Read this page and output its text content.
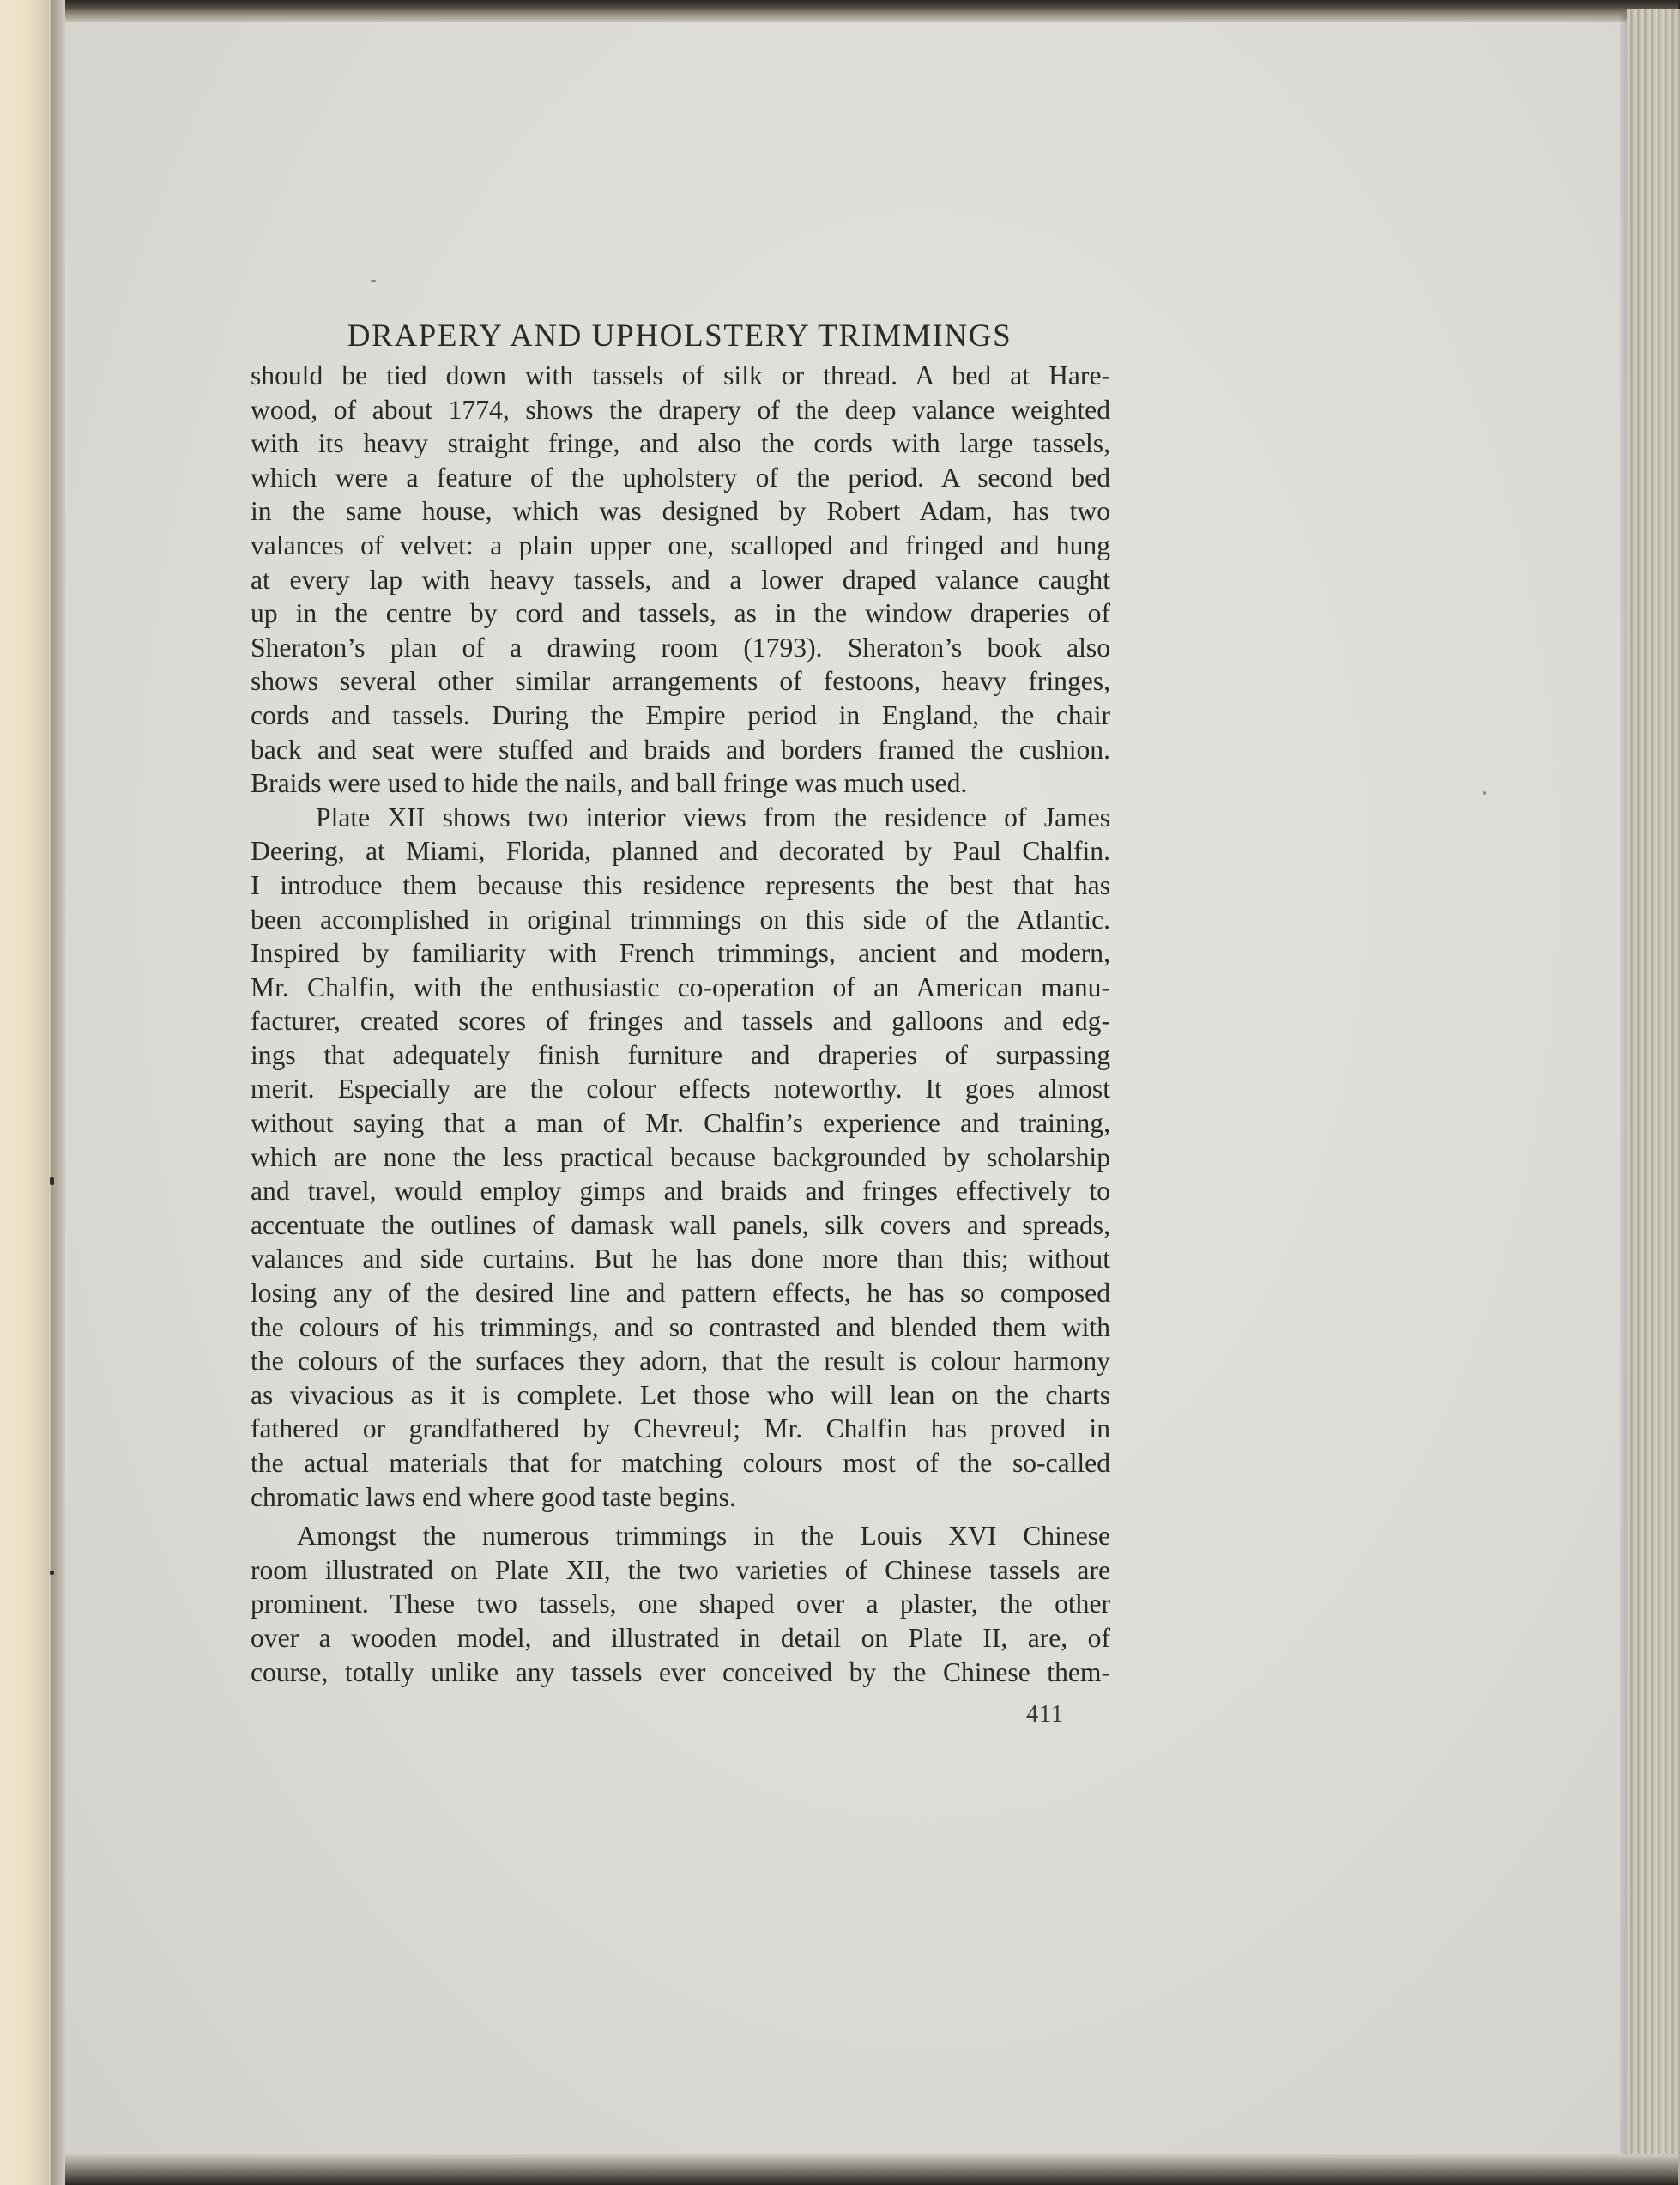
DRAPERY AND UPHOLSTERY TRIMMINGS

should be tied down with tassels of silk or thread. A bed at Hare-
wood, of about 1774, shows the drapery of the deep valance weighted
with its heavy straight fringe, and also the cords with large tassels,
which were a feature of the upholstery of the period. A second bed
in the same house, which was designed by Robert Adam, has two
valances of velvet: a plain upper one, scalloped and fringed and hung
at every lap with heavy tassels, and a lower draped valance caught
up in the centre by cord and tassels, as in the window draperies of
Sheraton’s plan of a drawing room (1793). Sheraton’s book also
shows several other similar arrangements of festoons, heavy fringes,
cords and tassels. During the Empire period in England, the chair
back and seat were stuffed and braids and borders framed the cushion.
Braids were used to hide the nails, and ball fringe was much used.

Plate XII shows two interior views from the residence of James
Deering, at Miami, Florida, planned and decorated by Paul Chalfin.
I introduce them because this residence represents the best that has
been accomplished in original trimmings on this side of the Atlantic.
Inspired by familiarity with French trimmings, ancient and modern,
Mr. Chalfin, with the enthusiastic co-operation of an American manu-
facturer, created scores of fringes and tassels and galloons and edg-
ings that adequately finish furniture and draperies of surpassing
merit. Especially are the colour effects noteworthy. It goes almost
without saying that a man of Mr. Chalfin’s experience and training,
which are none the less practical because backgrounded by scholarship
and travel, would employ gimps and braids and fringes effectively to
accentuate the outlines of damask wall panels, silk covers and spreads,
valances and side curtains. But he has done more than this; without
losing any of the desired line and pattern effects, he has so composed
the colours of his trimmings, and so contrasted and blended them with
the colours of the surfaces they adorn, that the result is colour harmony
as vivacious as it is complete. Let those who will lean on the charts
fathered or grandfathered by Chevreul; Mr. Chalfin has proved in
the actual materials that for matching colours most of the so-called
chromatic laws end where good taste begins.

Amongst the numerous trimmings in the Louis XVI Chinese
room illustrated on Plate XII, the two varieties of Chinese tassels are
prominent. These two tassels, one shaped over a plaster, the other
over a wooden model, and illustrated in detail on Plate II, are, of
course, totally unlike any tassels ever conceived by the Chinese them-

411
